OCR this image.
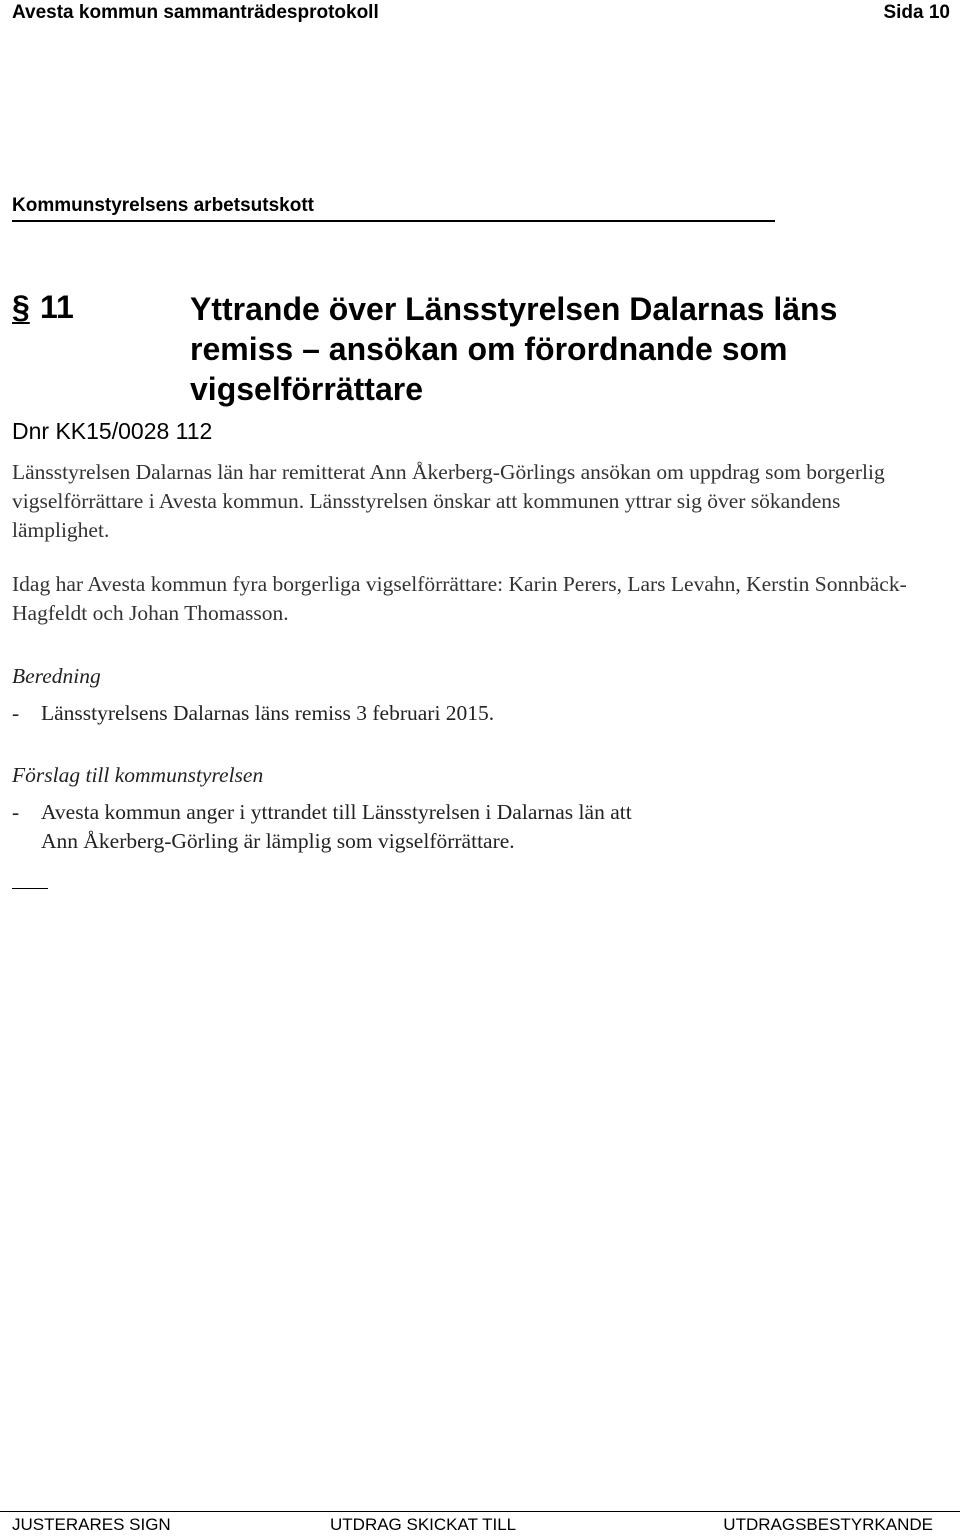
Avesta kommun sammanträdesprotokoll	Sida 10
Kommunstyrelsens arbetsutskott
§ 11	Yttrande över Länsstyrelsen Dalarnas läns remiss – ansökan om förordnande som vigselförrättare
Dnr KK15/0028 112
Länsstyrelsen Dalarnas län har remitterat Ann Åkerberg-Görlings ansökan om uppdrag som borgerlig vigselförrättare i Avesta kommun. Länsstyrelsen önskar att kommunen yttrar sig över sökandens lämplighet.
Idag har Avesta kommun fyra borgerliga vigselförrättare: Karin Perers, Lars Levahn, Kerstin Sonnbäck-Hagfeldt och Johan Thomasson.
Beredning
- Länsstyrelsens Dalarnas läns remiss 3 februari 2015.
Förslag till kommunstyrelsen
- Avesta kommun anger i yttrandet till Länsstyrelsen i Dalarnas län att
Ann Åkerberg-Görling är lämplig som vigselförrättare.
JUSTERARES SIGN	UTDRAG SKICKAT TILL	UTDRAGSBESTYRKANDE
